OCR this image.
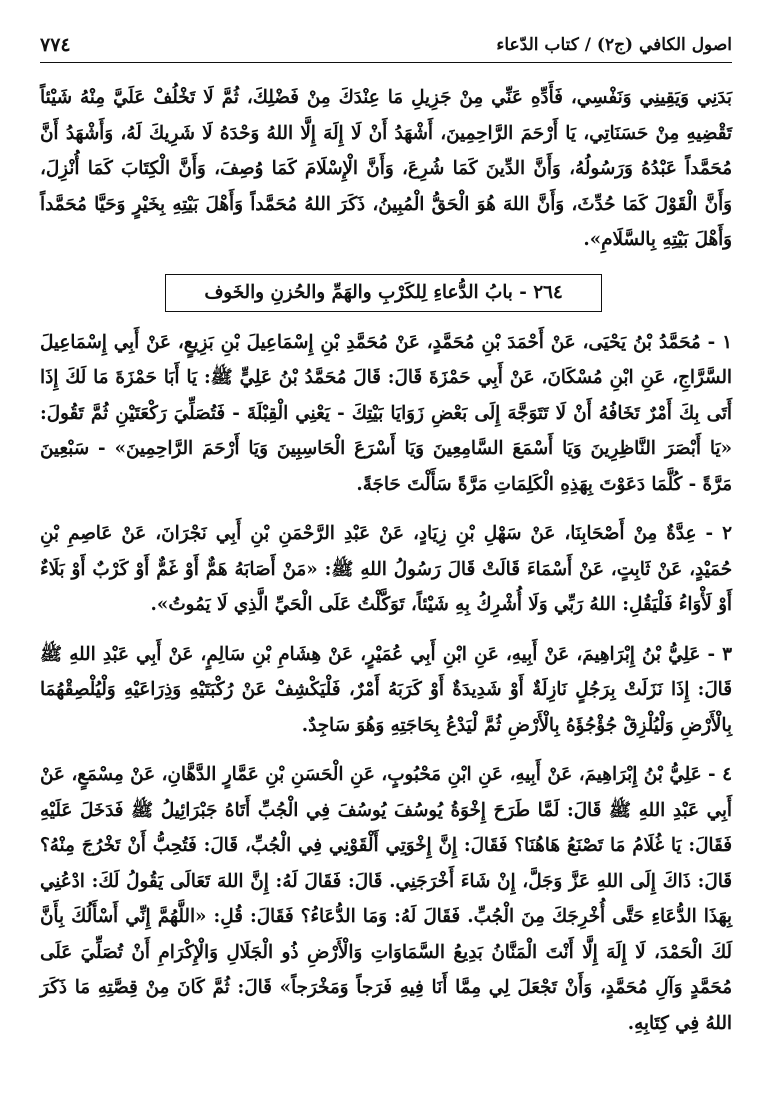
اصول الكافي (ج٢) / كتاب الدّعاء
٧٧٤

بَدَنِي وَيَقِينِي وَنَفْسِي، فَأَدِّهِ عَنِّي مِنْ جَزِيلِ مَا عِنْدَكَ مِنْ فَضْلِكَ، ثُمَّ لَا تَخْلُفْ عَلَيَّ مِنْهُ شَيْئاً تَقْضِيهِ مِنْ حَسَنَاتِي، يَا أَرْحَمَ الرَّاحِمِينَ، أَشْهَدُ أَنْ لَا إِلَهَ إِلَّا اللهُ وَحْدَهُ لَا شَرِيكَ لَهُ، وَأَشْهَدُ أَنَّ مُحَمَّداً عَبْدُهُ وَرَسُولُهُ، وَأَنَّ الدِّينَ كَمَا شُرِعَ، وَأَنَّ الْإِسْلَامَ كَمَا وُصِفَ، وَأَنَّ الْكِتَابَ كَمَا أُنْزِلَ، وَأَنَّ الْقَوْلَ كَمَا حُدِّثَ، وَأَنَّ اللهَ هُوَ الْحَقُّ الْمُبِينُ، ذَكَرَ اللهُ مُحَمَّداً وَأَهْلَ بَيْتِهِ بِخَيْرٍ وَحَيَّا مُحَمَّداً وَأَهْلَ بَيْتِهِ بِالسَّلَامِ».

٢٦٤ - بابُ الدُّعاءِ لِلكَرْبِ والهَمِّ والحُزنِ والخَوف

١ - مُحَمَّدُ بْنُ يَحْيَى، عَنْ أَحْمَدَ بْنِ مُحَمَّدٍ، عَنْ مُحَمَّدِ بْنِ إِسْمَاعِيلَ بْنِ بَزِيعٍ، عَنْ أَبِي إِسْمَاعِيلَ السَّرَّاجِ، عَنِ ابْنِ مُسْكَانَ، عَنْ أَبِي حَمْزَةَ قَالَ: قَالَ مُحَمَّدُ بْنُ عَلِيٍّ ﷺ: يَا أَبَا حَمْزَةَ مَا لَكَ إِذَا أَتَى بِكَ أَمْرٌ تَخَافُهُ أَنْ لَا تَتَوَجَّهَ إِلَى بَعْضِ زَوَايَا بَيْتِكَ - يَعْنِي الْقِبْلَةَ - فَتُصَلِّيَ رَكْعَتَيْنِ ثُمَّ تَقُولَ: «يَا أَبْصَرَ النَّاظِرِينَ وَيَا أَسْمَعَ السَّامِعِينَ وَيَا أَسْرَعَ الْحَاسِبِينَ وَيَا أَرْحَمَ الرَّاحِمِينَ» - سَبْعِينَ مَرَّةً - كُلَّمَا دَعَوْتَ بِهَذِهِ الْكَلِمَاتِ مَرَّةً سَأَلْتَ حَاجَةً.

٢ - عِدَّةٌ مِنْ أَصْحَابِنَا، عَنْ سَهْلِ بْنِ زِيَادٍ، عَنْ عَبْدِ الرَّحْمَنِ بْنِ أَبِي نَجْرَانَ، عَنْ عَاصِمِ بْنِ حُمَيْدٍ، عَنْ ثَابِتٍ، عَنْ أَسْمَاءَ قَالَتْ قَالَ رَسُولُ اللهِ ﷺ: «مَنْ أَصَابَهُ هَمٌّ أَوْ غَمٌّ أَوْ كَرْبٌ أَوْ بَلَاءٌ أَوْ لَأْوَاءُ فَلْيَقُلِ: اللهُ رَبِّي وَلَا أُشْرِكُ بِهِ شَيْئاً، تَوَكَّلْتُ عَلَى الْحَيِّ الَّذِي لَا يَمُوتُ».

٣ - عَلِيُّ بْنُ إِبْرَاهِيمَ، عَنْ أَبِيهِ، عَنِ ابْنِ أَبِي عُمَيْرٍ، عَنْ هِشَامِ بْنِ سَالِمٍ، عَنْ أَبِي عَبْدِ اللهِ ﷺ قَالَ: إِذَا نَزَلَتْ بِرَجُلٍ نَازِلَةٌ أَوْ شَدِيدَةٌ أَوْ كَرَبَهُ أَمْرٌ، فَلْيَكْشِفْ عَنْ رُكْبَتَيْهِ وَذِرَاعَيْهِ وَلْيُلْصِقْهُمَا بِالْأَرْضِ وَلْيُلْزِقْ جُؤْجُؤَهُ بِالْأَرْضِ ثُمَّ لْيَدْعُ بِحَاجَتِهِ وَهُوَ سَاجِدٌ.

٤ - عَلِيُّ بْنُ إِبْرَاهِيمَ، عَنْ أَبِيهِ، عَنِ ابْنِ مَحْبُوبٍ، عَنِ الْحَسَنِ بْنِ عَمَّارٍ الدَّهَّانِ، عَنْ مِسْمَعٍ، عَنْ أَبِي عَبْدِ اللهِ ﷺ قَالَ: لَمَّا طَرَحَ إِخْوَةُ يُوسُفَ يُوسُفَ فِي الْجُبِّ أَتَاهُ جَبْرَائِيلُ ﷺ فَدَخَلَ عَلَيْهِ فَقَالَ: يَا غُلَامُ مَا تَصْنَعُ هَاهُنَا؟ فَقَالَ: إِنَّ إِخْوَتِي أَلْقَوْنِي فِي الْجُبِّ، قَالَ: فَتُحِبُّ أَنْ تَخْرُجَ مِنْهُ؟ قَالَ: ذَاكَ إِلَى اللهِ عَزَّ وَجَلَّ، إِنْ شَاءَ أَخْرَجَنِي. قَالَ: فَقَالَ لَهُ: إِنَّ اللهَ تَعَالَى يَقُولُ لَكَ: ادْعُنِي بِهَذَا الدُّعَاءِ حَتَّى أُخْرِجَكَ مِنَ الْجُبِّ. فَقَالَ لَهُ: وَمَا الدُّعَاءُ؟ فَقَالَ: قُلِ: «اللَّهُمَّ إِنِّي أَسْأَلُكَ بِأَنَّ لَكَ الْحَمْدَ، لَا إِلَهَ إِلَّا أَنْتَ الْمَنَّانُ بَدِيعُ السَّمَاوَاتِ وَالْأَرْضِ ذُو الْجَلَالِ وَالْإِكْرَامِ أَنْ تُصَلِّيَ عَلَى مُحَمَّدٍ وَآلِ مُحَمَّدٍ، وَأَنْ تَجْعَلَ لِي مِمَّا أَنَا فِيهِ فَرَجاً وَمَخْرَجاً» قَالَ: ثُمَّ كَانَ مِنْ قِصَّتِهِ مَا ذَكَرَ اللهُ فِي كِتَابِهِ.
